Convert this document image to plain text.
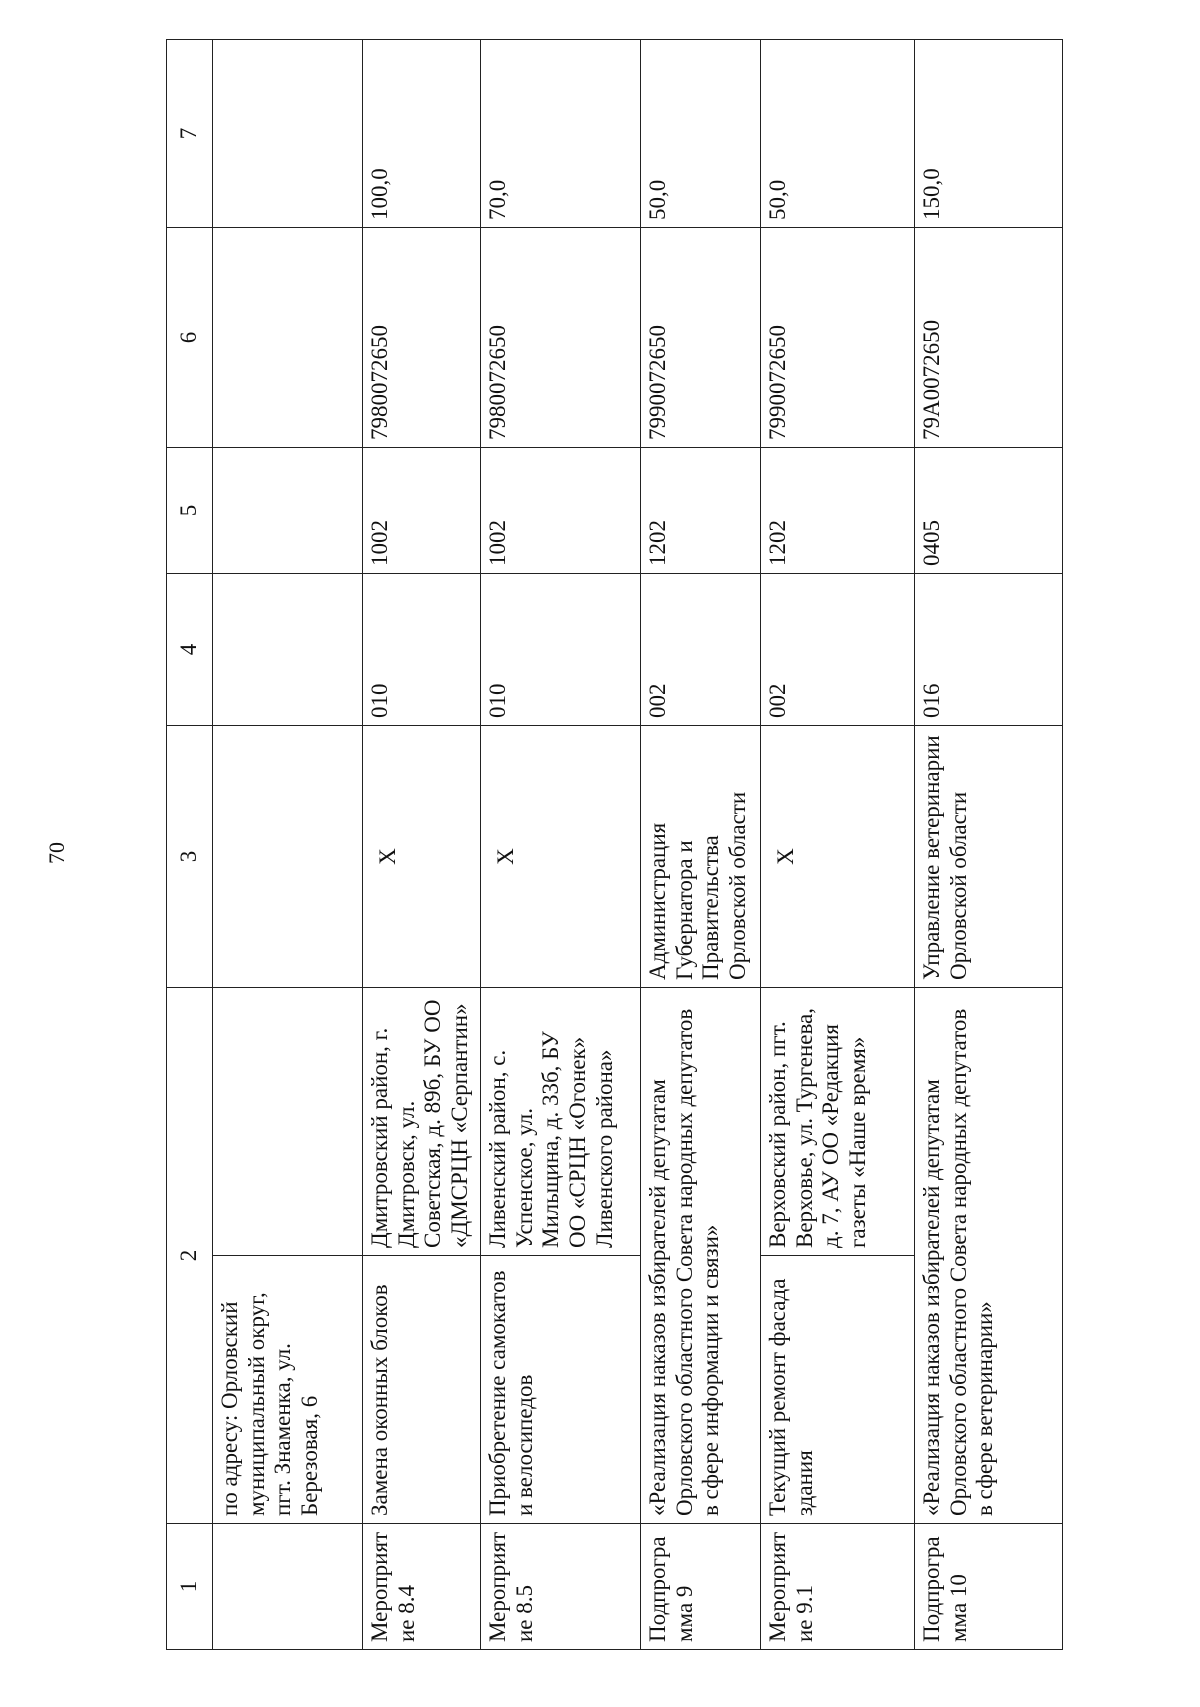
70
1	2		3	4	5	6	7
	по адресу: Орловский муниципальный округ, пгт. Знаменка, ул. Березовая, 6						
Мероприятие 8.4	Замена оконных блоков	Дмитровский район, г. Дмитровск, ул. Советская, д. 89б, БУ ОО «ДМСРЦН «Серпантин»	Х	010	1002	7980072650	100,0
Мероприятие 8.5	Приобретение самокатов и велосипедов	Ливенский район, с. Успенское, ул. Мильщина, д. 33б, БУ ОО «СРЦН «Огонек» Ливенского района»	Х	010	1002	7980072650	70,0
Подпрограмма 9	«Реализация наказов избирателей депутатам Орловского областного Совета народных депутатов в сфере информации и связи»		Администрация Губернатора и Правительства Орловской области	002	1202	7990072650	50,0
Мероприятие 9.1	Текущий ремонт фасада здания	Верховский район, пгт. Верховье, ул. Тургенева, д. 7, АУ ОО «Редакция газеты «Наше время»	Х	002	1202	7990072650	50,0
Подпрограмма 10	«Реализация наказов избирателей депутатам Орловского областного Совета народных депутатов в сфере ветеринарии»		Управление ветеринарии Орловской области	016	0405	79А0072650	150,0
